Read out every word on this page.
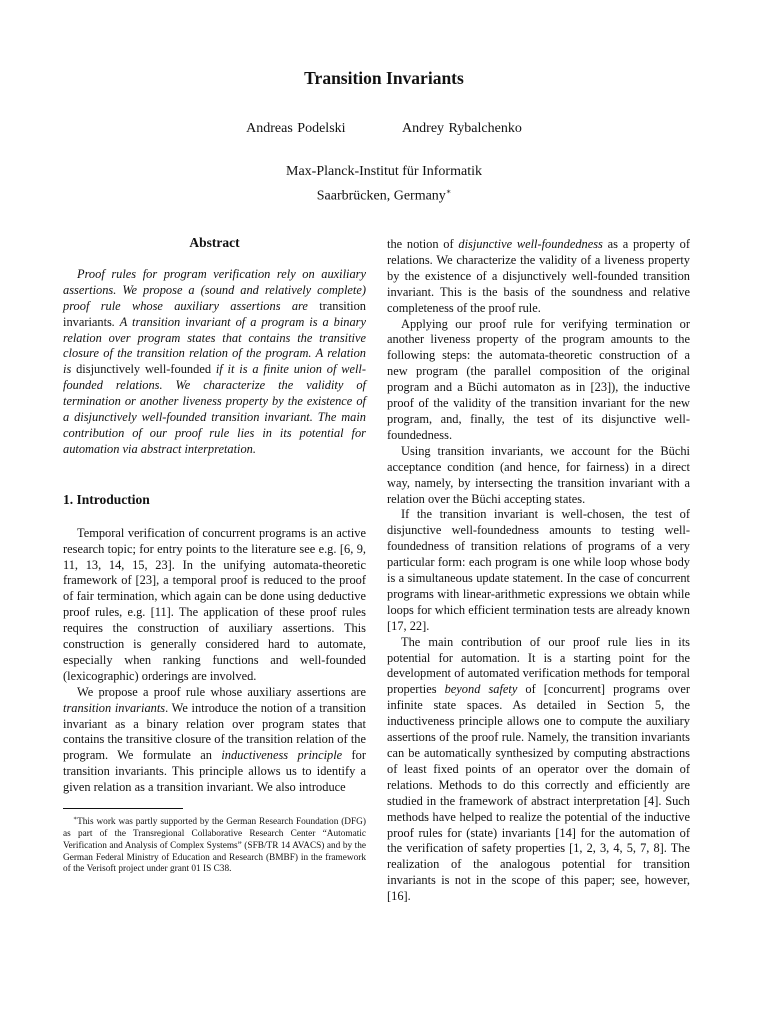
Transition Invariants
Andreas Podelski	Andrey Rybalchenko
Max-Planck-Institut für Informatik
Saarbrücken, Germany∗
Abstract

Proof rules for program verification rely on auxiliary assertions. We propose a (sound and relatively complete) proof rule whose auxiliary assertions are transition invariants. A transition invariant of a program is a binary relation over program states that contains the transitive closure of the transition relation of the program. A relation is disjunctively well-founded if it is a finite union of well-founded relations. We characterize the validity of termination or another liveness property by the existence of a disjunctively well-founded transition invariant. The main contribution of our proof rule lies in its potential for automation via abstract interpretation.

1. Introduction

Temporal verification of concurrent programs is an active research topic; for entry points to the literature see e.g. [6, 9, 11, 13, 14, 15, 23]. In the unifying automata-theoretic framework of [23], a temporal proof is reduced to the proof of fair termination, which again can be done using deductive proof rules, e.g. [11]. The application of these proof rules requires the construction of auxiliary assertions. This construction is generally considered hard to automate, especially when ranking functions and well-founded (lexicographic) orderings are involved.

We propose a proof rule whose auxiliary assertions are transition invariants. We introduce the notion of a transition invariant as a binary relation over program states that contains the transitive closure of the transition relation of the program. We formulate an inductiveness principle for transition invariants. This principle allows us to identify a given relation as a transition invariant. We also introduce

∗This work was partly supported by the German Research Foundation (DFG) as part of the Transregional Collaborative Research Center “Automatic Verification and Analysis of Complex Systems” (SFB/TR 14 AVACS) and by the German Federal Ministry of Education and Research (BMBF) in the framework of the Verisoft project under grant 01 IS C38.

the notion of disjunctive well-foundedness as a property of relations. We characterize the validity of a liveness property by the existence of a disjunctively well-founded transition invariant. This is the basis of the soundness and relative completeness of the proof rule.

Applying our proof rule for verifying termination or another liveness property of the program amounts to the following steps: the automata-theoretic construction of a new program (the parallel composition of the original program and a Büchi automaton as in [23]), the inductive proof of the validity of the transition invariant for the new program, and, finally, the test of its disjunctive well-foundedness.

Using transition invariants, we account for the Büchi acceptance condition (and hence, for fairness) in a direct way, namely, by intersecting the transition invariant with a relation over the Büchi accepting states.

If the transition invariant is well-chosen, the test of disjunctive well-foundedness amounts to testing well-foundedness of transition relations of programs of a very particular form: each program is one while loop whose body is a simultaneous update statement. In the case of concurrent programs with linear-arithmetic expressions we obtain while loops for which efficient termination tests are already known [17, 22].

The main contribution of our proof rule lies in its potential for automation. It is a starting point for the development of automated verification methods for temporal properties beyond safety of [concurrent] programs over infinite state spaces. As detailed in Section 5, the inductiveness principle allows one to compute the auxiliary assertions of the proof rule. Namely, the transition invariants can be automatically synthesized by computing abstractions of least fixed points of an operator over the domain of relations. Methods to do this correctly and efficiently are studied in the framework of abstract interpretation [4]. Such methods have helped to realize the potential of the inductive proof rules for (state) invariants [14] for the automation of the verification of safety properties [1, 2, 3, 4, 5, 7, 8]. The realization of the analogous potential for transition invariants is not in the scope of this paper; see, however, [16].
